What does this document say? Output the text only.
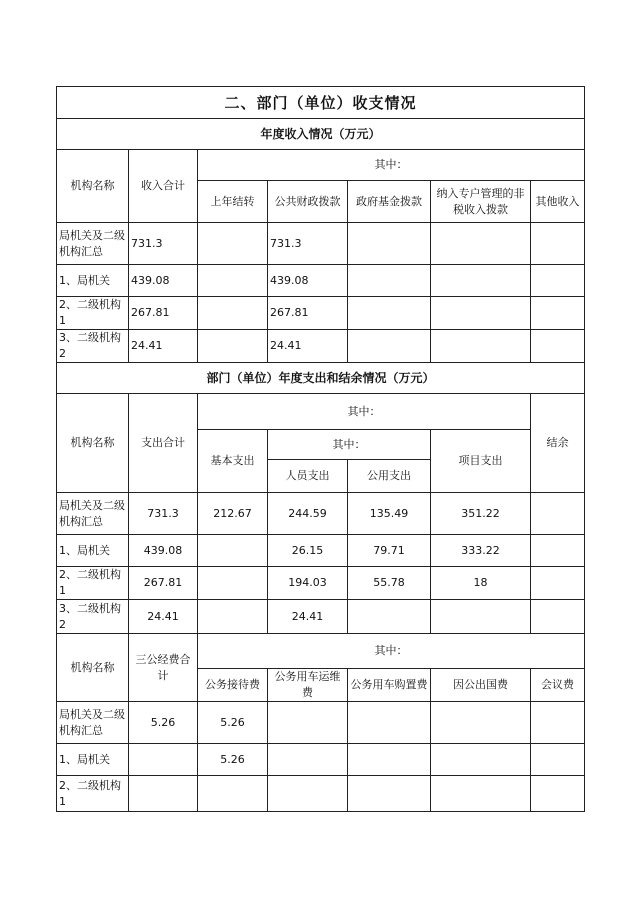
二、部门（单位）收支情况						
年度收入情况（万元）						
机构名称	收入合计	其中：				
		上年结转	公共财政拨款	政府基金拨款	纳入专户管理的非税收入拨款	其他收入
局机关及二级机构汇总	731.3		731.3			
1、局机关	439.08		439.08			
2、二级机构 1	267.81		267.81			
3、二级机构 2	24.41		24.41			
部门（单位）年度支出和结余情况（万元）						
机构名称	支出合计	其中：				结余
		基本支出	其中：		项目支出	
			人员支出	公用支出		
局机关及二级机构汇总	731.3	212.67	244.59	135.49	351.22	
1、局机关	439.08		26.15	79.71	333.22	
2、二级机构 1	267.81		194.03	55.78	18	
3、二级机构 2	24.41		24.41			
机构名称	三公经费合计	其中：				
		公务接待费	公务用车运维费	公务用车购置费	因公出国费	会议费
局机关及二级机构汇总	5.26	5.26				
1、局机关		5.26				
2、二级机构 1						
